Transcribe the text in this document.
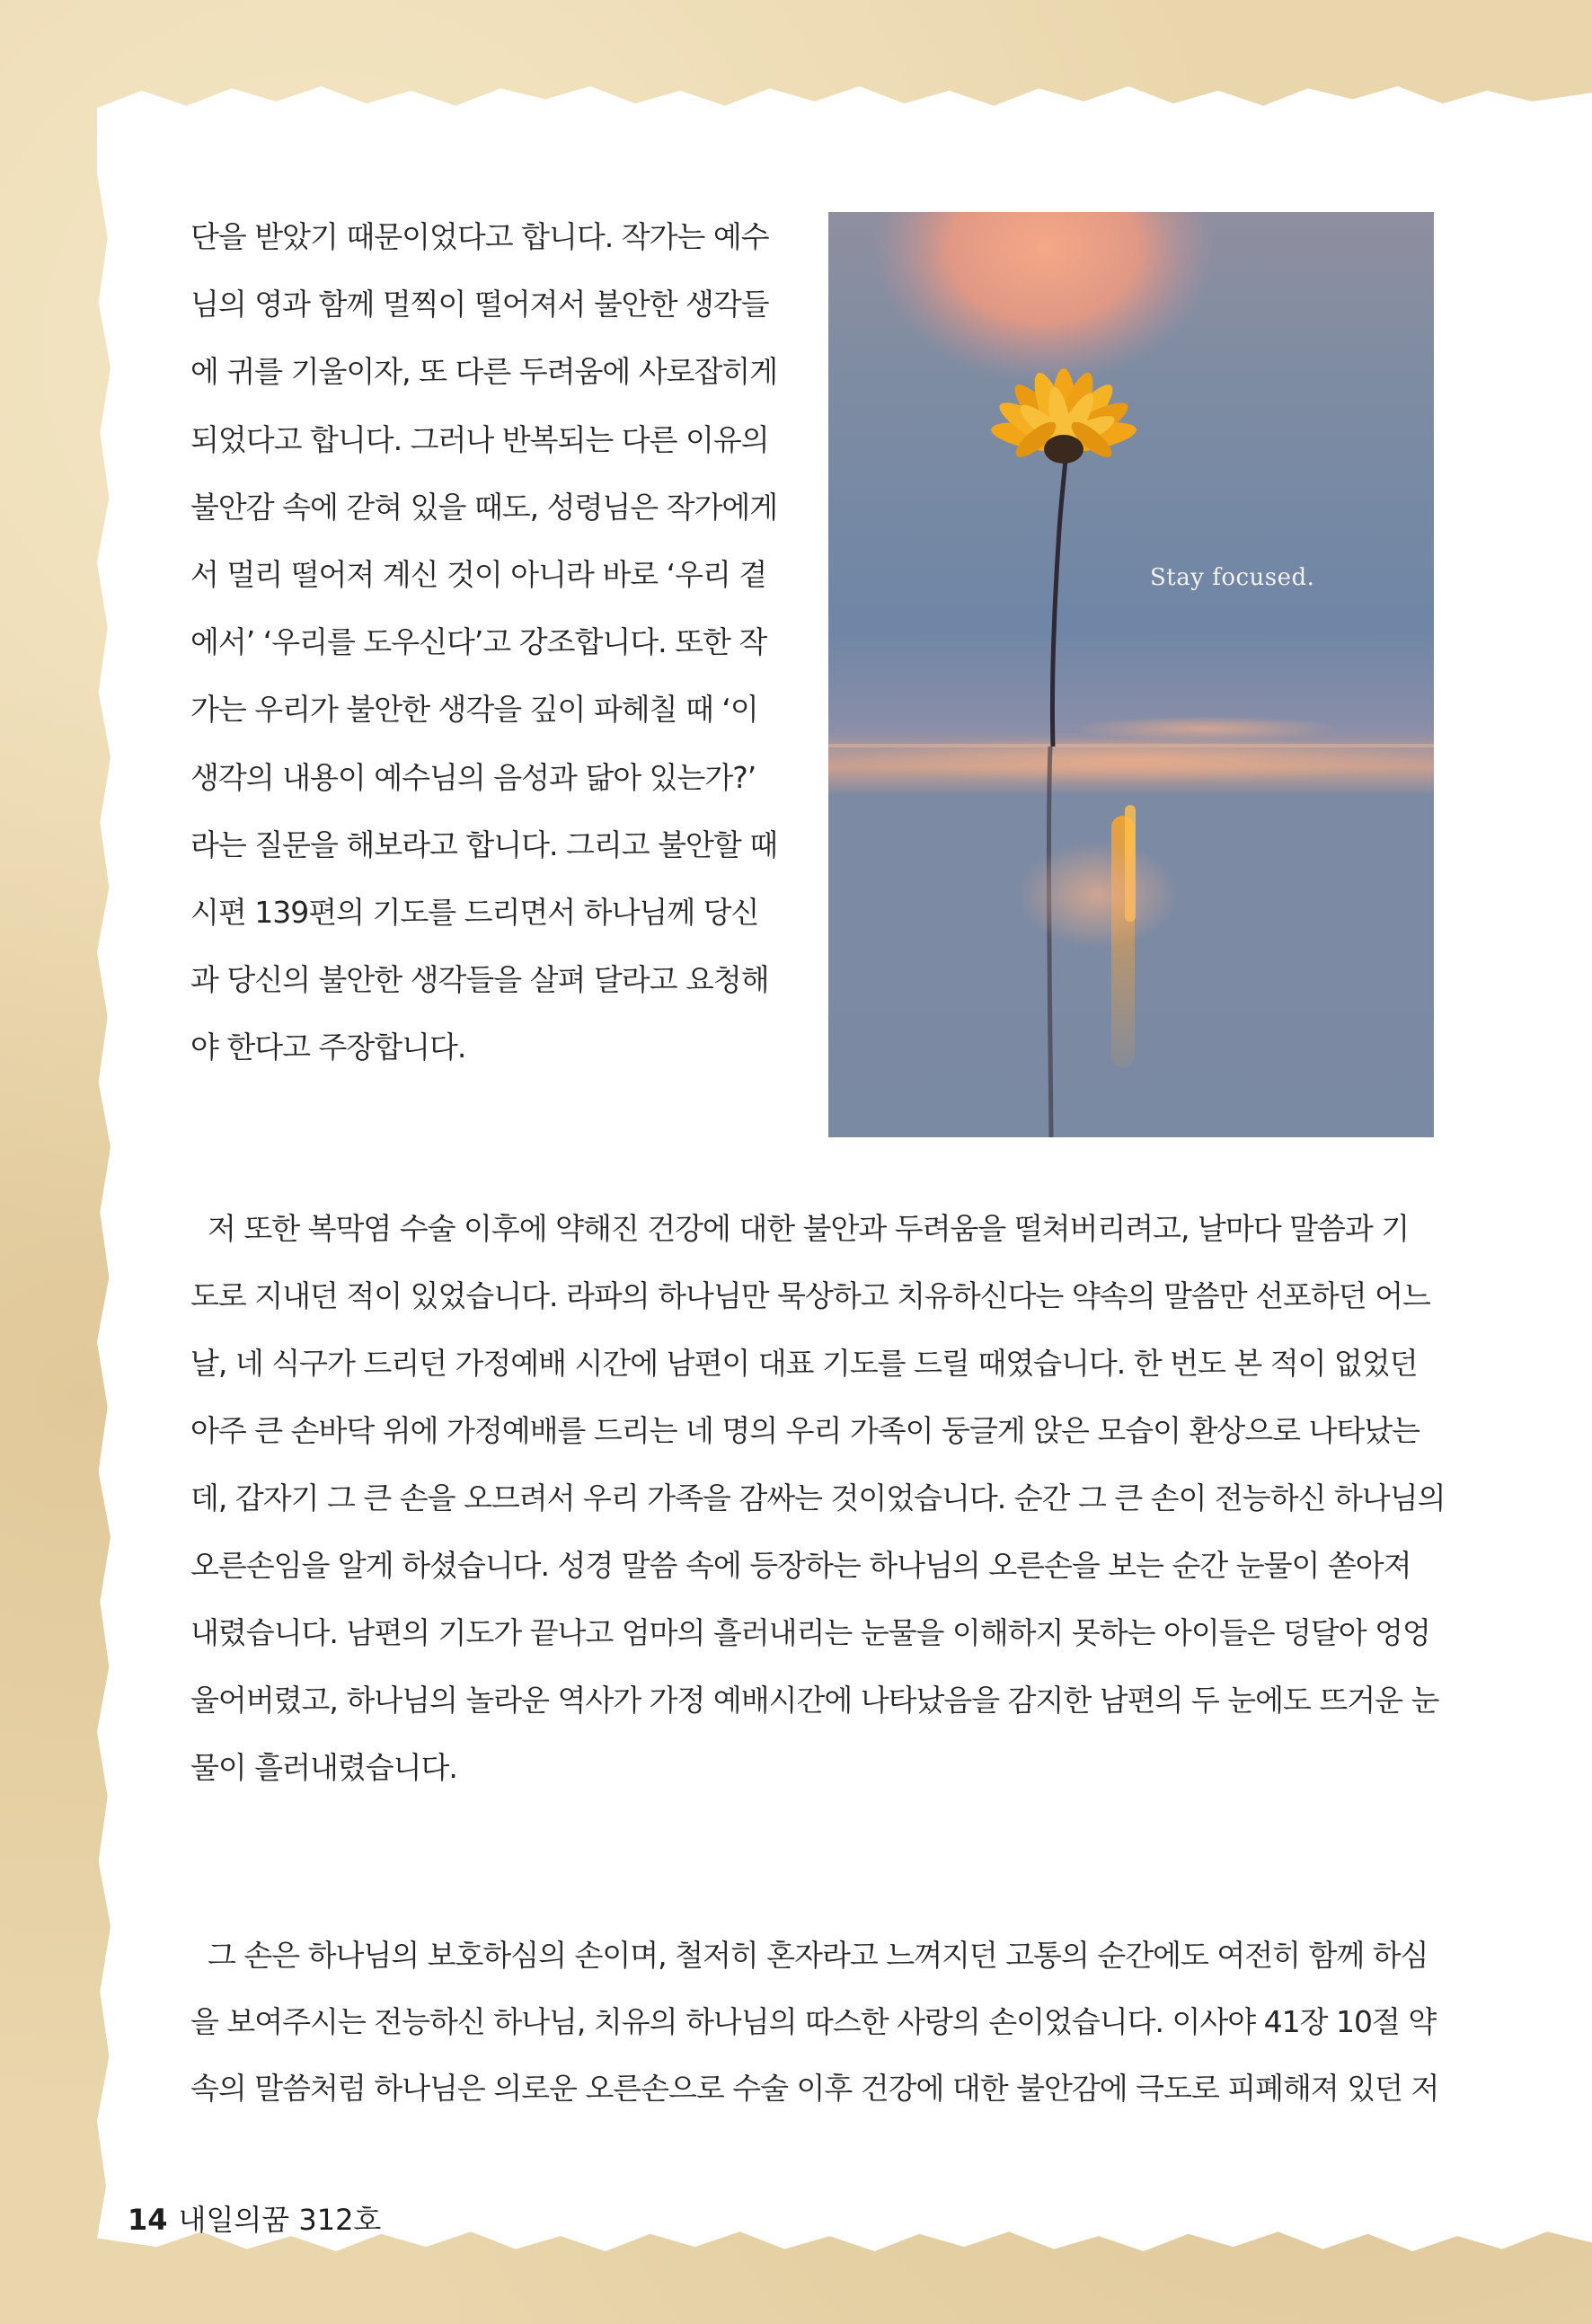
단을 받았기 때문이었다고 합니다. 작가는 예수
님의 영과 함께 멀찍이 떨어져서 불안한 생각들
에 귀를 기울이자, 또 다른 두려움에 사로잡히게
되었다고 합니다. 그러나 반복되는 다른 이유의
불안감 속에 갇혀 있을 때도, 성령님은 작가에게
서 멀리 떨어져 계신 것이 아니라 바로 ‘우리 곁
에서’ ‘우리를 도우신다’고 강조합니다. 또한 작
가는 우리가 불안한 생각을 깊이 파헤칠 때 ‘이
생각의 내용이 예수님의 음성과 닮아 있는가?’
라는 질문을 해보라고 합니다. 그리고 불안할 때
시편 139편의 기도를 드리면서 하나님께 당신
과 당신의 불안한 생각들을 살펴 달라고 요청해
야 한다고 주장합니다.
Stay focused.
저 또한 복막염 수술 이후에 약해진 건강에 대한 불안과 두려움을 떨쳐버리려고, 날마다 말씀과 기
도로 지내던 적이 있었습니다. 라파의 하나님만 묵상하고 치유하신다는 약속의 말씀만 선포하던 어느
날, 네 식구가 드리던 가정예배 시간에 남편이 대표 기도를 드릴 때였습니다. 한 번도 본 적이 없었던
아주 큰 손바닥 위에 가정예배를 드리는 네 명의 우리 가족이 둥글게 앉은 모습이 환상으로 나타났는
데, 갑자기 그 큰 손을 오므려서 우리 가족을 감싸는 것이었습니다. 순간 그 큰 손이 전능하신 하나님의
오른손임을 알게 하셨습니다. 성경 말씀 속에 등장하는 하나님의 오른손을 보는 순간 눈물이 쏟아져
내렸습니다. 남편의 기도가 끝나고 엄마의 흘러내리는 눈물을 이해하지 못하는 아이들은 덩달아 엉엉
울어버렸고, 하나님의 놀라운 역사가 가정 예배시간에 나타났음을 감지한 남편의 두 눈에도 뜨거운 눈
물이 흘러내렸습니다.
그 손은 하나님의 보호하심의 손이며, 철저히 혼자라고 느껴지던 고통의 순간에도 여전히 함께 하심
을 보여주시는 전능하신 하나님, 치유의 하나님의 따스한 사랑의 손이었습니다. 이사야 41장 10절 약
속의 말씀처럼 하나님은 의로운 오른손으로 수술 이후 건강에 대한 불안감에 극도로 피폐해져 있던 저
14 내일의꿈 312호
